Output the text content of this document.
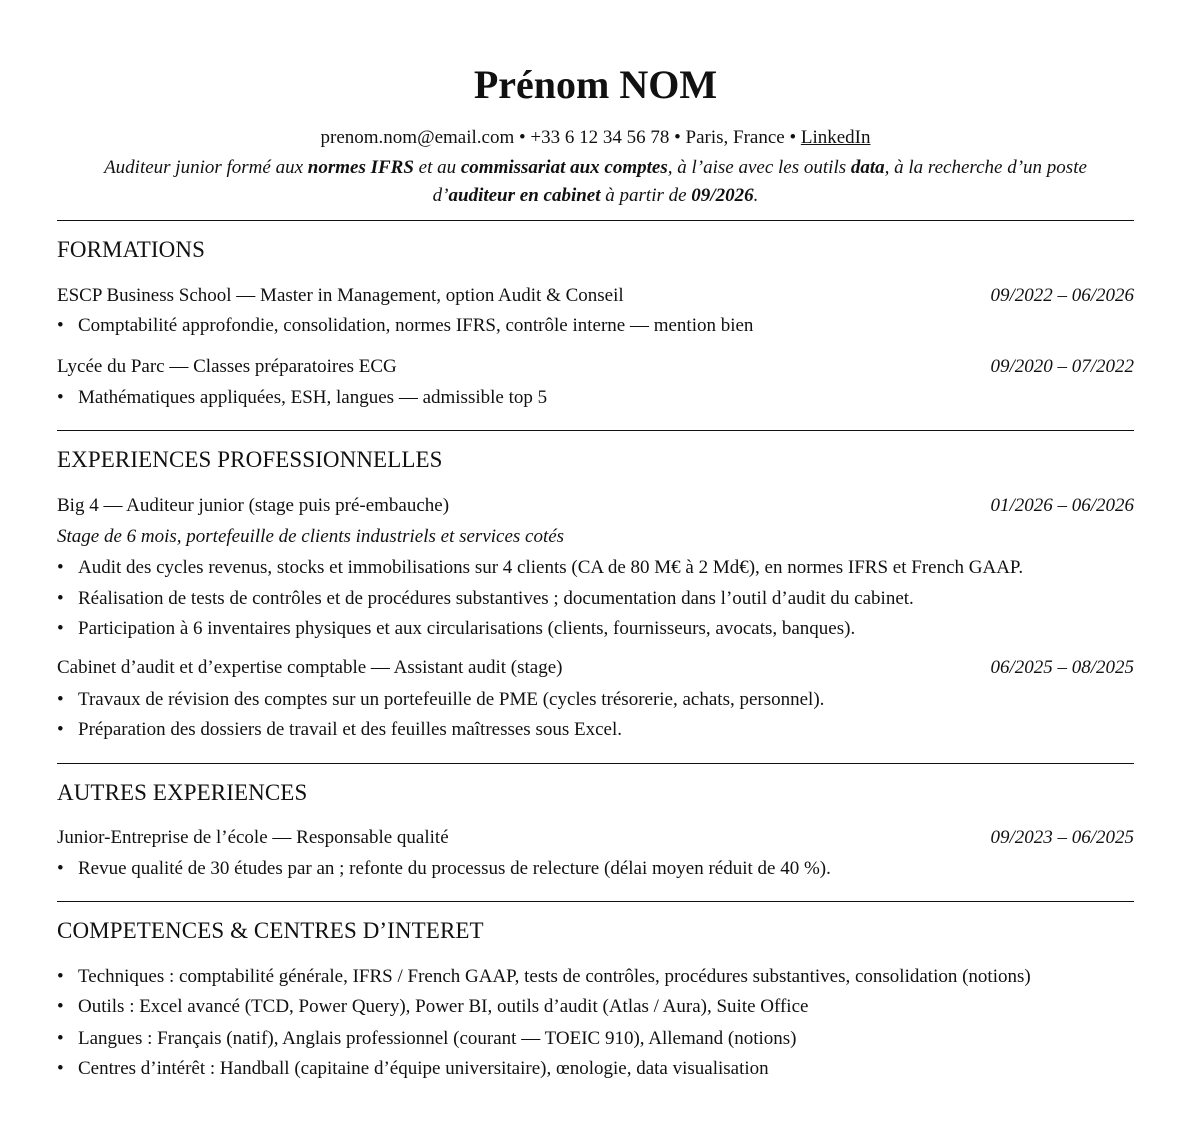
Prénom NOM
prenom.nom@email.com • +33 6 12 34 56 78 • Paris, France • LinkedIn
Auditeur junior formé aux normes IFRS et au commissariat aux comptes, à l’aise avec les outils data, à la recherche d’un poste d’auditeur en cabinet à partir de 09/2026.
FORMATIONS
ESCP Business School — Master in Management, option Audit & Conseil	09/2022 – 06/2026
• Comptabilité approfondie, consolidation, normes IFRS, contrôle interne — mention bien
Lycée du Parc — Classes préparatoires ECG	09/2020 – 07/2022
• Mathématiques appliquées, ESH, langues — admissible top 5
EXPERIENCES PROFESSIONNELLES
Big 4 — Auditeur junior (stage puis pré-embauche)	01/2026 – 06/2026
Stage de 6 mois, portefeuille de clients industriels et services cotés
• Audit des cycles revenus, stocks et immobilisations sur 4 clients (CA de 80 M€ à 2 Md€), en normes IFRS et French GAAP.
• Réalisation de tests de contrôles et de procédures substantives ; documentation dans l’outil d’audit du cabinet.
• Participation à 6 inventaires physiques et aux circularisations (clients, fournisseurs, avocats, banques).
Cabinet d’audit et d’expertise comptable — Assistant audit (stage)	06/2025 – 08/2025
• Travaux de révision des comptes sur un portefeuille de PME (cycles trésorerie, achats, personnel).
• Préparation des dossiers de travail et des feuilles maîtresses sous Excel.
AUTRES EXPERIENCES
Junior-Entreprise de l’école — Responsable qualité	09/2023 – 06/2025
• Revue qualité de 30 études par an ; refonte du processus de relecture (délai moyen réduit de 40 %).
COMPETENCES & CENTRES D’INTERET
• Techniques : comptabilité générale, IFRS / French GAAP, tests de contrôles, procédures substantives, consolidation (notions)
• Outils : Excel avancé (TCD, Power Query), Power BI, outils d’audit (Atlas / Aura), Suite Office
• Langues : Français (natif), Anglais professionnel (courant — TOEIC 910), Allemand (notions)
• Centres d’intérêt : Handball (capitaine d’équipe universitaire), œnologie, data visualisation
